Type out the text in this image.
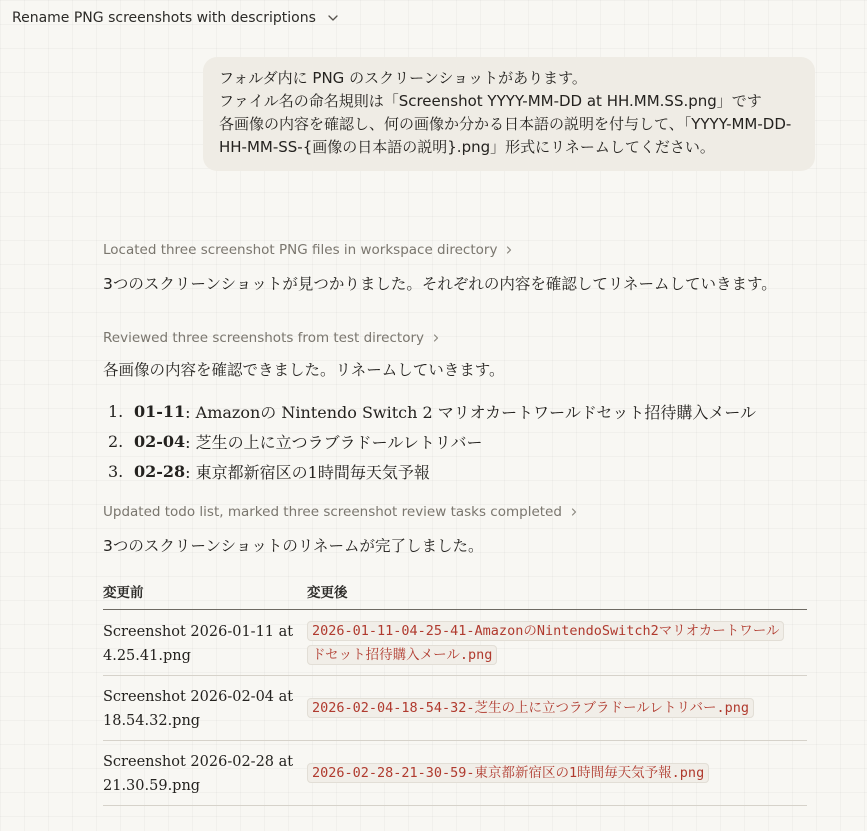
Rename PNG screenshots with descriptions
フォルダ内に PNG のスクリーンショットがあります。
ファイル名の命名規則は「Screenshot YYYY-MM-DD at HH.MM.SS.png」です
各画像の内容を確認し、何の画像か分かる日本語の説明を付与して、「YYYY-MM-DD-HH-MM-SS-{画像の日本語の説明}.png」形式にリネームしてください。
Located three screenshot PNG files in workspace directory
3つのスクリーンショットが見つかりました。それぞれの内容を確認してリネームしていきます。
Reviewed three screenshots from test directory
各画像の内容を確認できました。リネームしていきます。
1. 01-11 : Amazonの Nintendo Switch 2 マリオカートワールドセット招待購入メール
2. 02-04 : 芝生の上に立つラブラドールレトリバー
3. 02-28 : 東京都新宿区の1時間毎天気予報
Updated todo list, marked three screenshot review tasks completed
3つのスクリーンショットのリネームが完了しました。
変更前	変更後
Screenshot 2026-01-11 at 4.25.41.png
2026-01-11-04-25-41-AmazonのNintendoSwitch2マリオカートワールドセット招待購入メール.png
Screenshot 2026-02-04 at 18.54.32.png
2026-02-04-18-54-32-芝生の上に立つラブラドールレトリバー.png
Screenshot 2026-02-28 at 21.30.59.png
2026-02-28-21-30-59-東京都新宿区の1時間毎天気予報.png
